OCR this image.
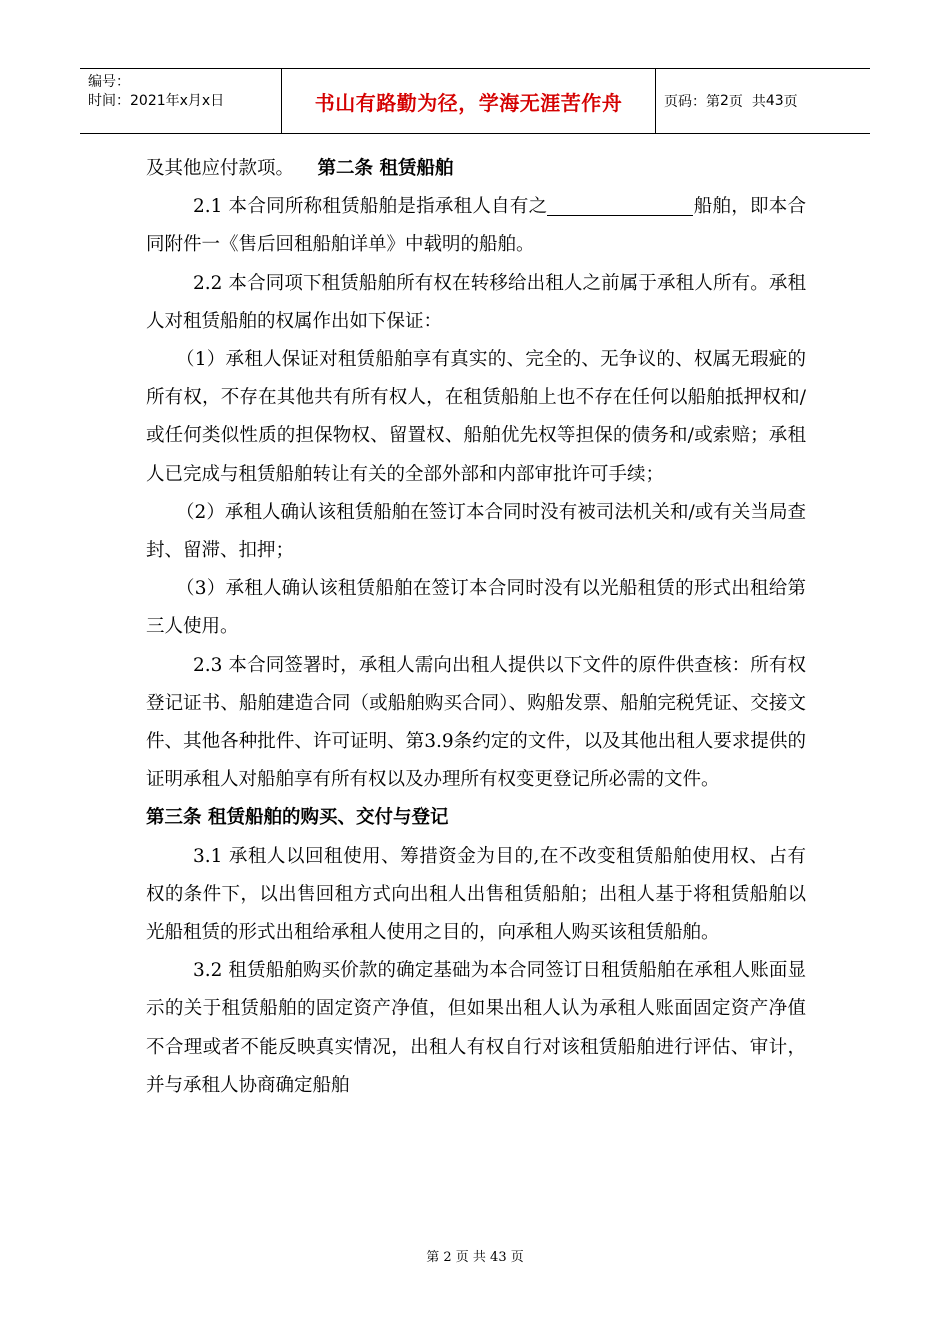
编号：
时间：2021年x月x日	书山有路勤为径，学海无涯苦作舟	页码：第 2 页  共 43 页

及其他应付款项。 第二条 租赁船舶

2.1 本合同所称租赁船舶是指承租人自有之	船舶，即本合同附件一《售后回租船舶详单》中载明的船舶。

2.2 本合同项下租赁船舶所有权在转移给出租人之前属于承租人所有。承租人对租赁船舶的权属作出如下保证：

（1）承租人保证对租赁船舶享有真实的、完全的、无争议的、权属无瑕疵的所有权，不存在其他共有所有权人，在租赁船舶上也不存在任何以船舶抵押权和/或任何类似性质的担保物权、留置权、船舶优先权等担保的债务和/或索赔；承租人已完成与租赁船舶转让有关的全部外部和内部审批许可手续；

（2）承租人确认该租赁船舶在签订本合同时没有被司法机关和/或有关当局查封、留滞、扣押；

（3）承租人确认该租赁船舶在签订本合同时没有以光船租赁的形式出租给第三人使用。

2.3 本合同签署时，承租人需向出租人提供以下文件的原件供查核：所有权登记证书、船舶建造合同（或船舶购买合同）、购船发票、船舶完税凭证、交接文件、其他各种批件、许可证明、第3.9条约定的文件，以及其他出租人要求提供的证明承租人对船舶享有所有权以及办理所有权变更登记所必需的文件。

第三条 租赁船舶的购买、交付与登记

3.1 承租人以回租使用、筹措资金为目的,在不改变租赁船舶使用权、占有权的条件下，以出售回租方式向出租人出售租赁船舶；出租人基于将租赁船舶以光船租赁的形式出租给承租人使用之目的，向承租人购买该租赁船舶。

3.2 租赁船舶购买价款的确定基础为本合同签订日租赁船舶在承租人账面显示的关于租赁船舶的固定资产净值，但如果出租人认为承租人账面固定资产净值不合理或者不能反映真实情况，出租人有权自行对该租赁船舶进行评估、审计，并与承租人协商确定船舶

第 2 页 共 43 页
